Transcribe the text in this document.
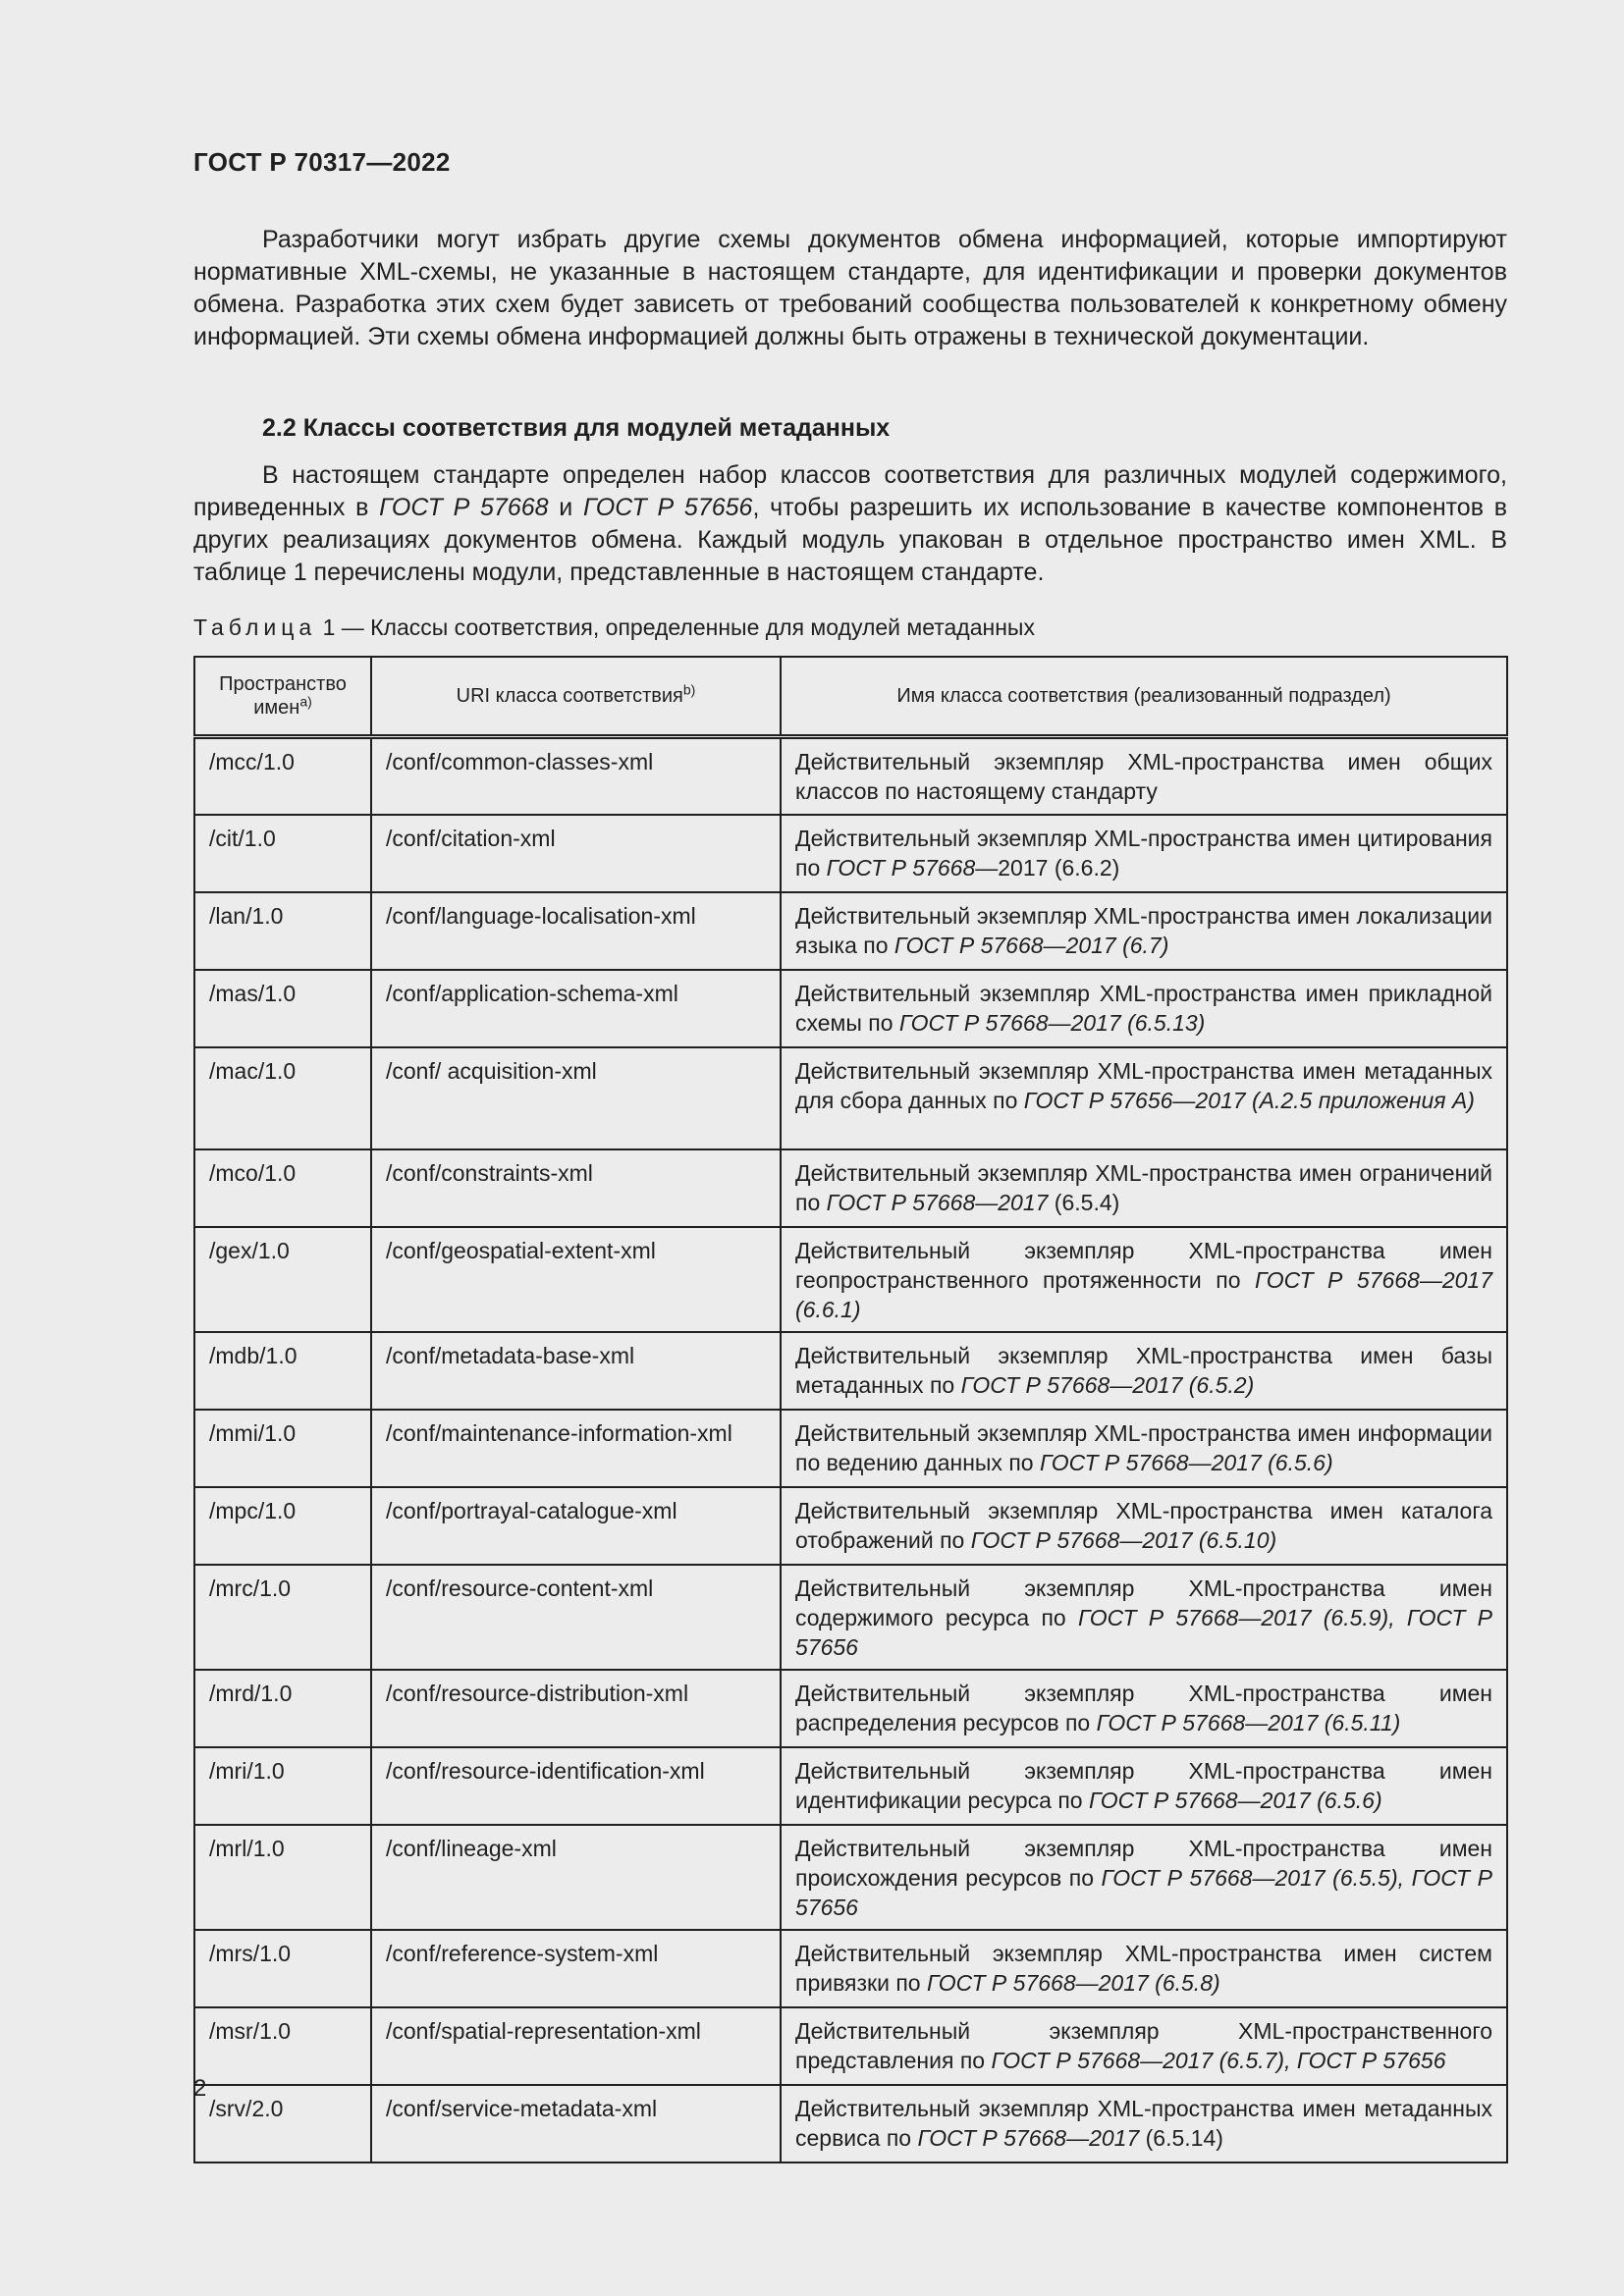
ГОСТ Р 70317—2022

Разработчики могут избрать другие схемы документов обмена информацией, которые импортируют нормативные XML-схемы, не указанные в настоящем стандарте, для идентификации и проверки документов обмена. Разработка этих схем будет зависеть от требований сообщества пользователей к конкретному обмену информацией. Эти схемы обмена информацией должны быть отражены в технической документации.

2.2 Классы соответствия для модулей метаданных

В настоящем стандарте определен набор классов соответствия для различных модулей содержимого, приведенных в ГОСТ Р 57668 и ГОСТ Р 57656, чтобы разрешить их использование в качестве компонентов в других реализациях документов обмена. Каждый модуль упакован в отдельное пространство имен XML. В таблице 1 перечислены модули, представленные в настоящем стандарте.

Таблица 1 — Классы соответствия, определенные для модулей метаданных
Пространство имен$^{a)}$	URI класса соответствия$^{b)}$	Имя класса соответствия (реализованный подраздел)
/mcc/1.0	/conf/common-classes-xml	Действительный экземпляр XML-пространства имен общих классов по настоящему стандарту
/cit/1.0	/conf/citation-xml	Действительный экземпляр XML-пространства имен цитирования по ГОСТ Р 57668—2017 (6.6.2)
/lan/1.0	/conf/language-localisation-xml	Действительный экземпляр XML-пространства имен локализации языка по ГОСТ Р 57668—2017 (6.7)
/mas/1.0	/conf/application-schema-xml	Действительный экземпляр XML-пространства имен прикладной схемы по ГОСТ Р 57668—2017 (6.5.13)
/mac/1.0	/conf/ acquisition-xml	Действительный экземпляр XML-пространства имен метаданных для сбора данных по ГОСТ Р 57656—2017 (А.2.5 приложения А)
/mco/1.0	/conf/constraints-xml	Действительный экземпляр XML-пространства имен ограничений по ГОСТ Р 57668—2017 (6.5.4)
/gex/1.0	/conf/geospatial-extent-xml	Действительный экземпляр XML-пространства имен геопространственного протяженности по ГОСТ Р 57668—2017 (6.6.1)
/mdb/1.0	/conf/metadata-base-xml	Действительный экземпляр XML-пространства имен базы метаданных по ГОСТ Р 57668—2017 (6.5.2)
/mmi/1.0	/conf/maintenance-information-xml	Действительный экземпляр XML-пространства имен информации по ведению данных по ГОСТ Р 57668—2017 (6.5.6)
/mpc/1.0	/conf/portrayal-catalogue-xml	Действительный экземпляр XML-пространства имен каталога отображений по ГОСТ Р 57668—2017 (6.5.10)
/mrc/1.0	/conf/resource-content-xml	Действительный экземпляр XML-пространства имен содержимого ресурса по ГОСТ Р 57668—2017 (6.5.9), ГОСТ Р 57656
/mrd/1.0	/conf/resource-distribution-xml	Действительный экземпляр XML-пространства имен распределения ресурсов по ГОСТ Р 57668—2017 (6.5.11)
/mri/1.0	/conf/resource-identification-xml	Действительный экземпляр XML-пространства имен идентификации ресурса по ГОСТ Р 57668—2017 (6.5.6)
/mrl/1.0	/conf/lineage-xml	Действительный экземпляр XML-пространства имен происхождения ресурсов по ГОСТ Р 57668—2017 (6.5.5), ГОСТ Р 57656
/mrs/1.0	/conf/reference-system-xml	Действительный экземпляр XML-пространства имен систем привязки по ГОСТ Р 57668—2017 (6.5.8)
/msr/1.0	/conf/spatial-representation-xml	Действительный экземпляр XML-пространственного представления по ГОСТ Р 57668—2017 (6.5.7), ГОСТ Р 57656
/srv/2.0	/conf/service-metadata-xml	Действительный экземпляр XML-пространства имен метаданных сервиса по ГОСТ Р 57668—2017 (6.5.14)
2
